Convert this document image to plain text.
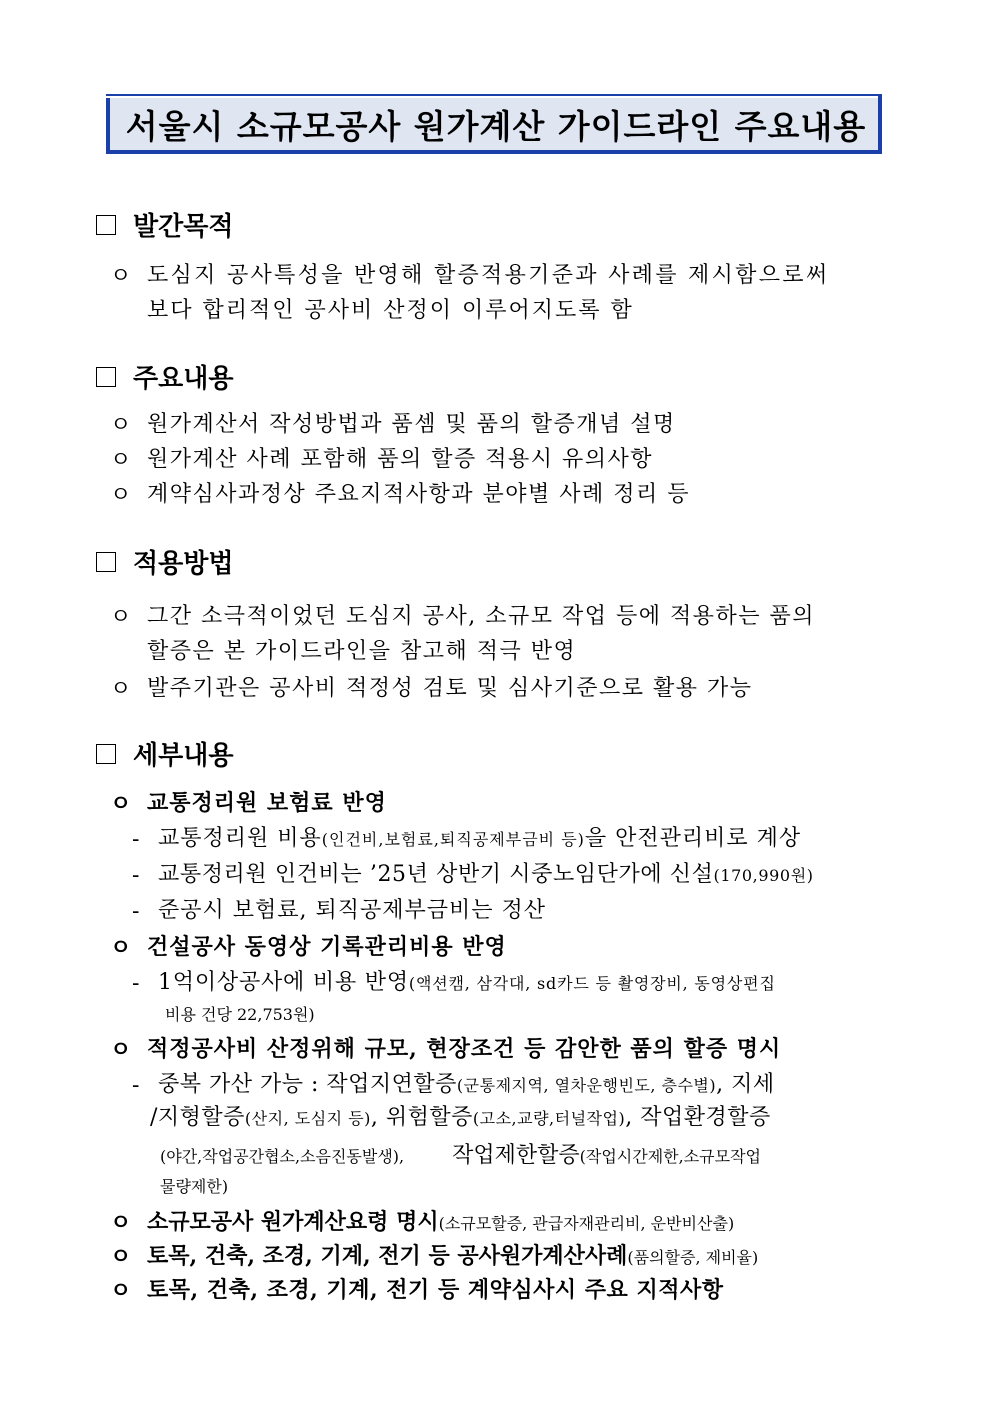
서울시 소규모공사 원가계산 가이드라인 주요내용
발간목적
ㅇ 도심지 공사특성을 반영해 할증적용기준과 사례를 제시함으로써
보다 합리적인 공사비 산정이 이루어지도록 함
주요내용
ㅇ 원가계산서 작성방법과 품셈 및 품의 할증개념 설명
ㅇ 원가계산 사례 포함해 품의 할증 적용시 유의사항
ㅇ 계약심사과정상 주요지적사항과 분야별 사례 정리 등
적용방법
ㅇ 그간 소극적이었던 도심지 공사, 소규모 작업 등에 적용하는 품의
할증은 본 가이드라인을 참고해 적극 반영
ㅇ 발주기관은 공사비 적정성 검토 및 심사기준으로 활용 가능
세부내용
ㅇ 교통정리원 보험료 반영
- 교통정리원 비용(인건비,보험료,퇴직공제부금비 등)을 안전관리비로 계상
- 교통정리원 인건비는 ’25년 상반기 시중노임단가에 신설(170,990원)
- 준공시 보험료, 퇴직공제부금비는 정산
ㅇ 건설공사 동영상 기록관리비용 반영
- 1억이상공사에 비용 반영(액션캠, 삼각대, sd카드 등 촬영장비, 동영상편집
비용 건당 22,753원)
ㅇ 적정공사비 산정위해 규모, 현장조건 등 감안한 품의 할증 명시
- 중복 가산 가능 : 작업지연할증(군통제지역, 열차운행빈도, 층수별), 지세
/지형할증(산지, 도심지 등), 위험할증(고소,교량,터널작업), 작업환경할증
(야간,작업공간협소,소음진동발생), 작업제한할증(작업시간제한,소규모작업
물량제한)
ㅇ 소규모공사 원가계산요령 명시(소규모할증, 관급자재관리비, 운반비산출)
ㅇ 토목, 건축, 조경, 기계, 전기 등 공사원가계산사례(품의할증, 제비율)
ㅇ 토목, 건축, 조경, 기계, 전기 등 계약심사시 주요 지적사항
